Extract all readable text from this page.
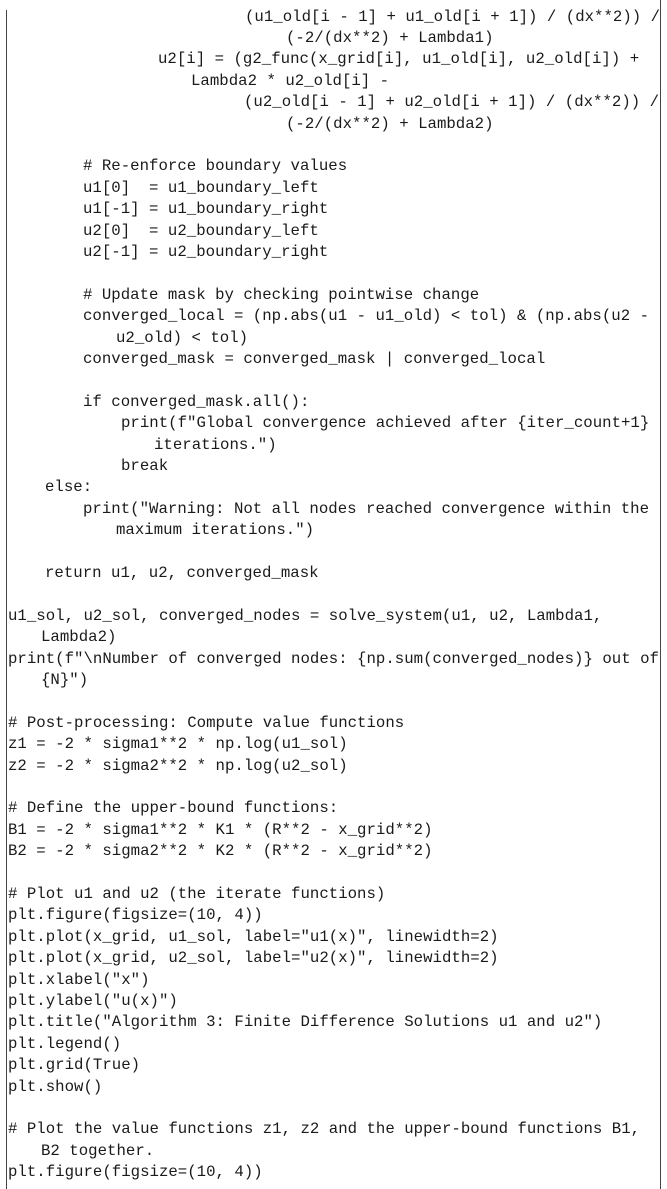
(u1_old[i - 1] + u1_old[i + 1]) / (dx**2)) /
(-2/(dx**2) + Lambda1)
u2[i] = (g2_func(x_grid[i], u1_old[i], u2_old[i]) +
Lambda2 * u2_old[i] -
(u2_old[i - 1] + u2_old[i + 1]) / (dx**2)) /
(-2/(dx**2) + Lambda2)
# Re-enforce boundary values
u1[0]  = u1_boundary_left
u1[-1] = u1_boundary_right
u2[0]  = u2_boundary_left
u2[-1] = u2_boundary_right
# Update mask by checking pointwise change
converged_local = (np.abs(u1 - u1_old) < tol) & (np.abs(u2 -
u2_old) < tol)
converged_mask = converged_mask | converged_local
if converged_mask.all():
print(f"Global convergence achieved after {iter_count+1}
iterations.")
break
else:
print("Warning: Not all nodes reached convergence within the
maximum iterations.")
return u1, u2, converged_mask
u1_sol, u2_sol, converged_nodes = solve_system(u1, u2, Lambda1,
Lambda2)
print(f"\nNumber of converged nodes: {np.sum(converged_nodes)} out of
{N}")
# Post-processing: Compute value functions
z1 = -2 * sigma1**2 * np.log(u1_sol)
z2 = -2 * sigma2**2 * np.log(u2_sol)
# Define the upper-bound functions:
B1 = -2 * sigma1**2 * K1 * (R**2 - x_grid**2)
B2 = -2 * sigma2**2 * K2 * (R**2 - x_grid**2)
# Plot u1 and u2 (the iterate functions)
plt.figure(figsize=(10, 4))
plt.plot(x_grid, u1_sol, label="u1(x)", linewidth=2)
plt.plot(x_grid, u2_sol, label="u2(x)", linewidth=2)
plt.xlabel("x")
plt.ylabel("u(x)")
plt.title("Algorithm 3: Finite Difference Solutions u1 and u2")
plt.legend()
plt.grid(True)
plt.show()
# Plot the value functions z1, z2 and the upper-bound functions B1,
B2 together.
plt.figure(figsize=(10, 4))
